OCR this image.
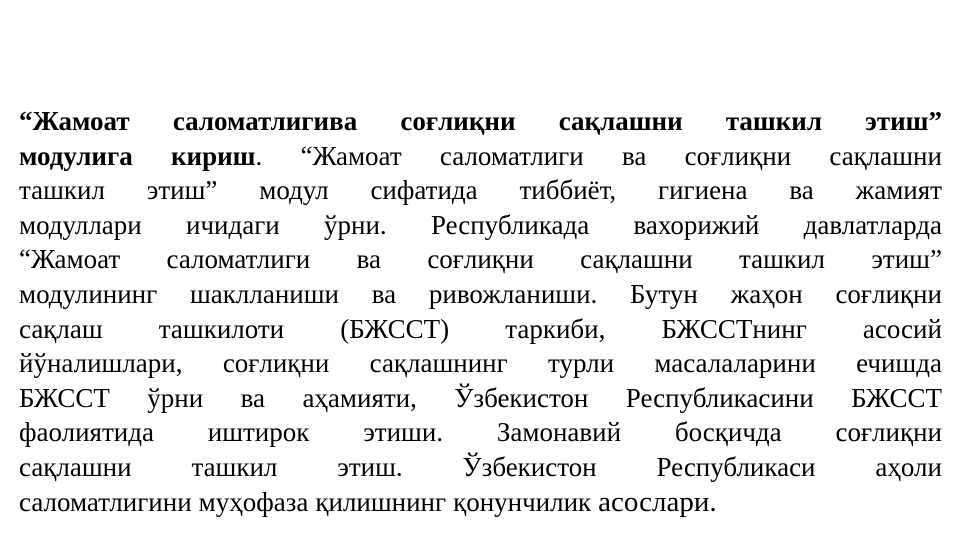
“Жамоат саломатлигива соғлиқни сақлашни ташкил этиш”
модулига кириш. “Жамоат саломатлиги ва соғлиқни сақлашни
ташкил этиш” модул сифатида тиббиёт, гигиена ва жамият
модуллари ичидаги ўрни. Республикада вахорижий давлатларда
“Жамоат саломатлиги ва соғлиқни сақлашни ташкил этиш”
модулининг шаклланиши ва ривожланиши. Бутун жаҳон соғлиқни
сақлаш ташкилоти (БЖССТ) таркиби, БЖССТнинг асосий
йўналишлари, соғлиқни сақлашнинг турли масалаларини ечишда
БЖССТ ўрни ва аҳамияти, Ўзбекистон Республикасини БЖССТ
фаолиятида иштирок этиши. Замонавий босқичда соғлиқни
сақлашни ташкил этиш. Ўзбекистон Республикаси аҳоли
саломатлигини муҳофаза қилишнинг қонунчилик асослари.
